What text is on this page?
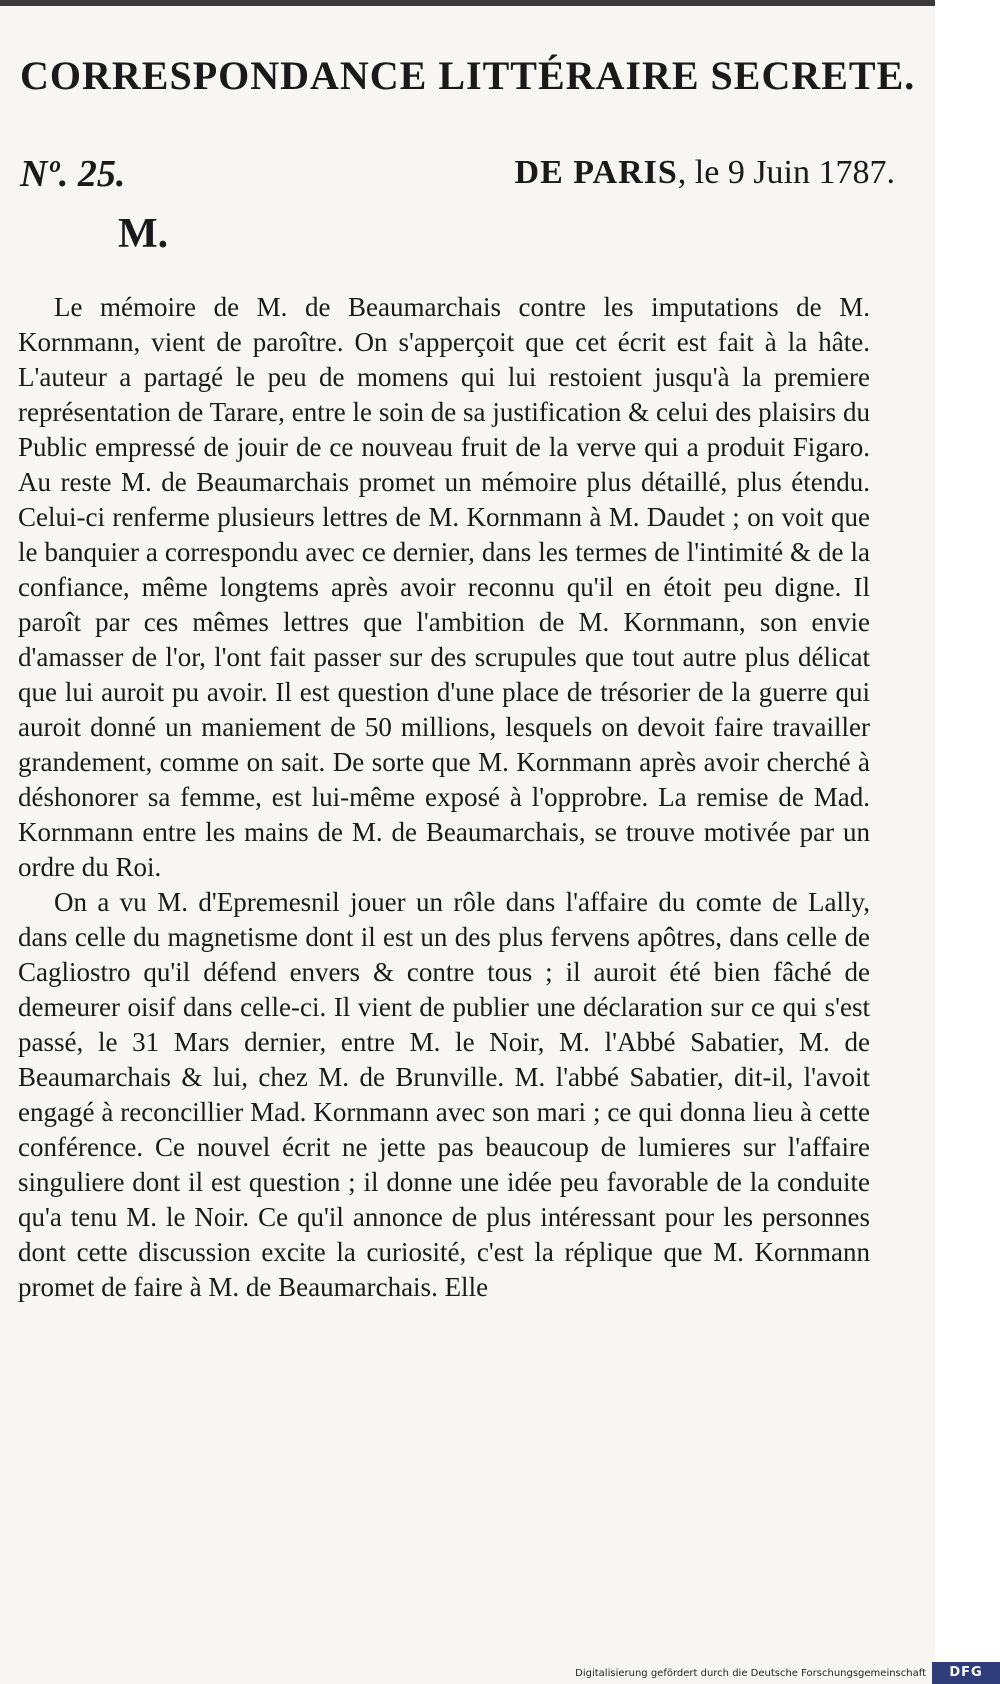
CORRESPONDANCE LITTÉRAIRE SECRETE.
Nº. 25.	DE PARIS, le 9 Juin 1787.
M.

Le mémoire de M. de Beaumarchais contre les imputations de M. Kornmann, vient de paroître. On s'apperçoit que cet écrit est fait à la hâte. L'auteur a partagé le peu de momens qui lui restoient jusqu'à la premiere représentation de Tarare, entre le soin de sa justification & celui des plaisirs du Public empressé de jouir de ce nouveau fruit de la verve qui a produit Figaro. Au reste M. de Beaumarchais promet un mémoire plus détaillé, plus étendu. Celui-ci renferme plusieurs lettres de M. Kornmann à M. Daudet ; on voit que le banquier a correspondu avec ce dernier, dans les termes de l'intimité & de la confiance, même longtems après avoir reconnu qu'il en étoit peu digne. Il paroît par ces mêmes lettres que l'ambition de M. Kornmann, son envie d'amasser de l'or, l'ont fait passer sur des scrupules que tout autre plus délicat que lui auroit pu avoir. Il est question d'une place de trésorier de la guerre qui auroit donné un maniement de 50 millions, lesquels on devoit faire travailler grandement, comme on sait. De sorte que M. Kornmann après avoir cherché à déshonorer sa femme, est lui-même exposé à l'opprobre. La remise de Mad. Kornmann entre les mains de M. de Beaumarchais, se trouve motivée par un ordre du Roi.

On a vu M. d'Epremesnil jouer un rôle dans l'affaire du comte de Lally, dans celle du magnetisme dont il est un des plus fervens apôtres, dans celle de Cagliostro qu'il défend envers & contre tous ; il auroit été bien fâché de demeurer oisif dans celle-ci. Il vient de publier une déclaration sur ce qui s'est passé, le 31 Mars dernier, entre M. le Noir, M. l'Abbé Sabatier, M. de Beaumarchais & lui, chez M. de Brunville. M. l'abbé Sabatier, dit-il, l'avoit engagé à reconcillier Mad. Kornmann avec son mari ; ce qui donna lieu à cette conférence. Ce nouvel écrit ne jette pas beaucoup de lumieres sur l'affaire singuliere dont il est question ; il donne une idée peu favorable de la conduite qu'a tenu M. le Noir. Ce qu'il annonce de plus intéressant pour les personnes dont cette discussion excite la curiosité, c'est la réplique que M. Kornmann promet de faire à M. de Beaumarchais. Elle

Digitalisierung gefördert durch die Deutsche Forschungsgemeinschaft	DFG
